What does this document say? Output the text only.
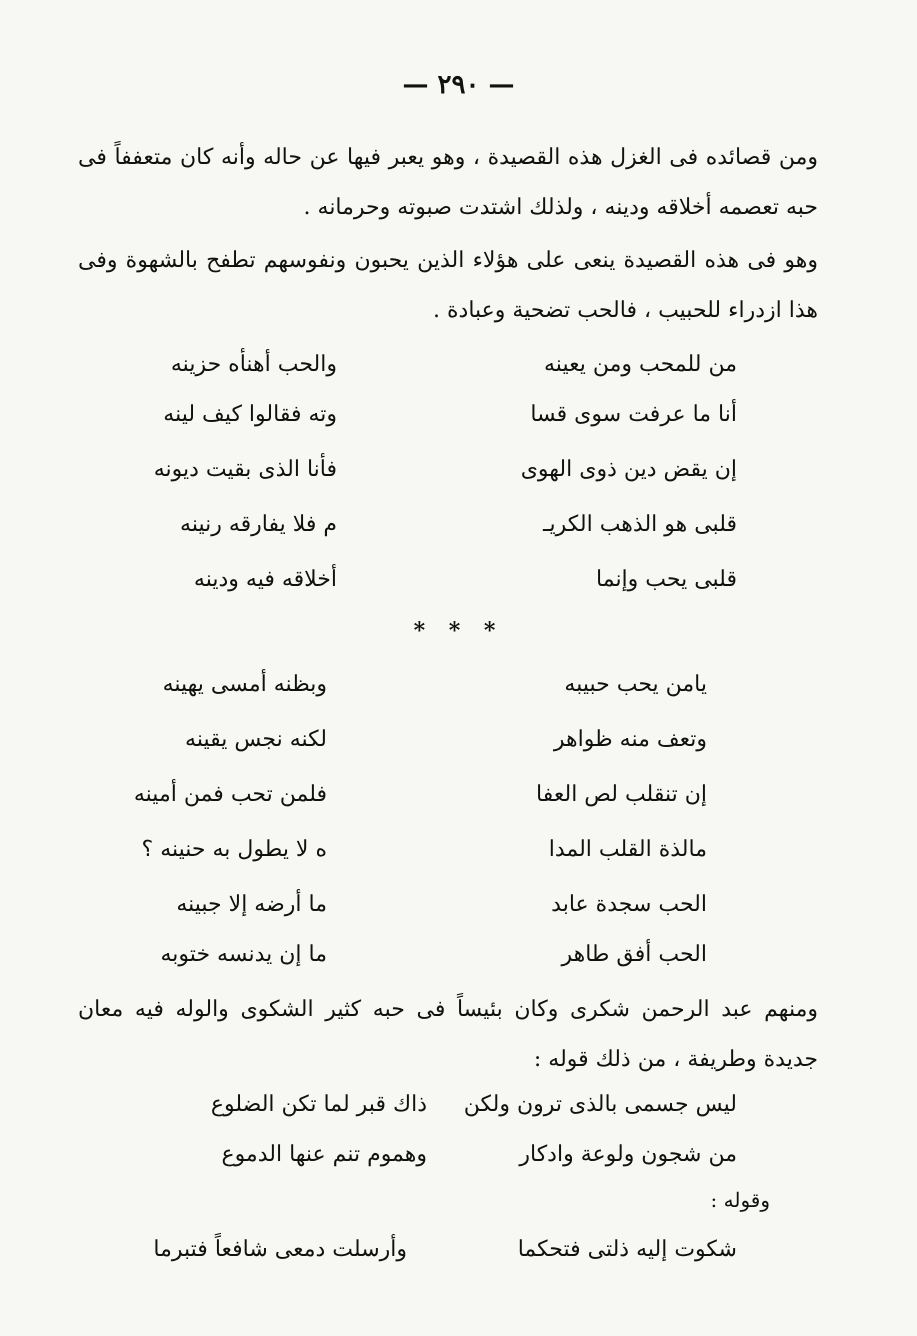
— ٢٩٠ —
ومن قصائده فى الغزل هذه القصيدة ، وهو يعبر فيها عن حاله وأنه كان متعففاً فى حبه تعصمه أخلاقه ودينه ، ولذلك اشتدت صبوته وحرمانه .
وهو فى هذه القصيدة ينعى على هؤلاء الذين يحبون ونفوسهم تطفح بالشهوة وفى هذا ازدراء للحبيب ، فالحب تضحية وعبادة .
من للمحب ومن يعينه
والحب أهنأه حزينه
أنا ما عرفت سوى قسا
وته فقالوا كيف لينه
إن يقض دين ذوى الهوى
فأنا الذى بقيت ديونه
قلبى هو الذهب الكريـ
م فلا يفارقه رنينه
قلبى يحب وإنما
أخلاقه فيه ودينه
* * *
يامن يحب حبيبه
وبظنه أمسى يهينه
وتعف منه ظواهر
لكنه نجس يقينه
إن تنقلب لص العفا
فلمن تحب فمن أمينه
مالذة القلب المدا
ه لا يطول به حنينه ؟
الحب سجدة عابد
ما أرضه إلا جبينه
الحب أفق طاهر
ما إن يدنسه ختوبه
ومنهم عبد الرحمن شكرى وكان بئيساً فى حبه كثير الشكوى والوله فيه معان جديدة وطريفة ، من ذلك قوله :
ليس جسمى بالذى ترون ولكن
ذاك قبر لما تكن الضلوع
من شجون ولوعة وادكار
وهموم تنم عنها الدموع
وقوله :
شكوت إليه ذلتى فتحكما
وأرسلت دمعى شافعاً فتبرما
